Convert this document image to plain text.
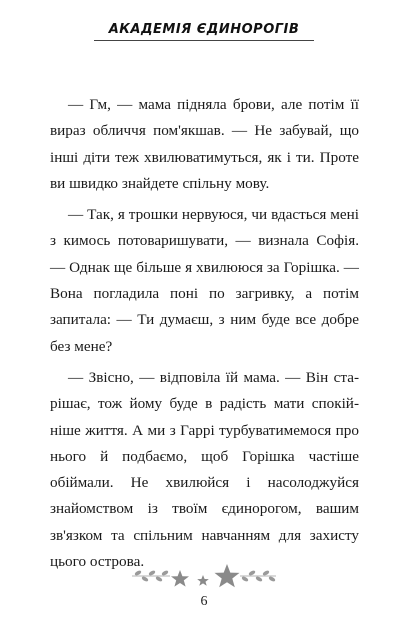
АКАДЕМІЯ ЄДИНОРОГІВ

— Гм, — мама підняла брови, але потім її вираз обличчя пом'якшав. — Не забувай, що інші діти теж хвилюватимуться, як і ти. Проте ви швидко знайдете спільну мову.

— Так, я трошки нервуюся, чи вдасться мені з кимось потоваришувати, — визнала Софія. — Однак ще більше я хвилююся за Горішка. — Вона погладила поні по загривку, а потім запитала: — Ти думаєш, з ним буде все добре без мене?

— Звісно, — відповіла їй мама. — Він старішає, тож йому буде в радість мати спокійніше життя. А ми з Гаррі турбуватимемося про нього й подбаємо, щоб Горішка частіше обіймали. Не хвилюйся і насолоджуйся знайомством із твоїм єдинорогом, вашим зв'язком та спільним навчанням для захисту цього острова.

6
